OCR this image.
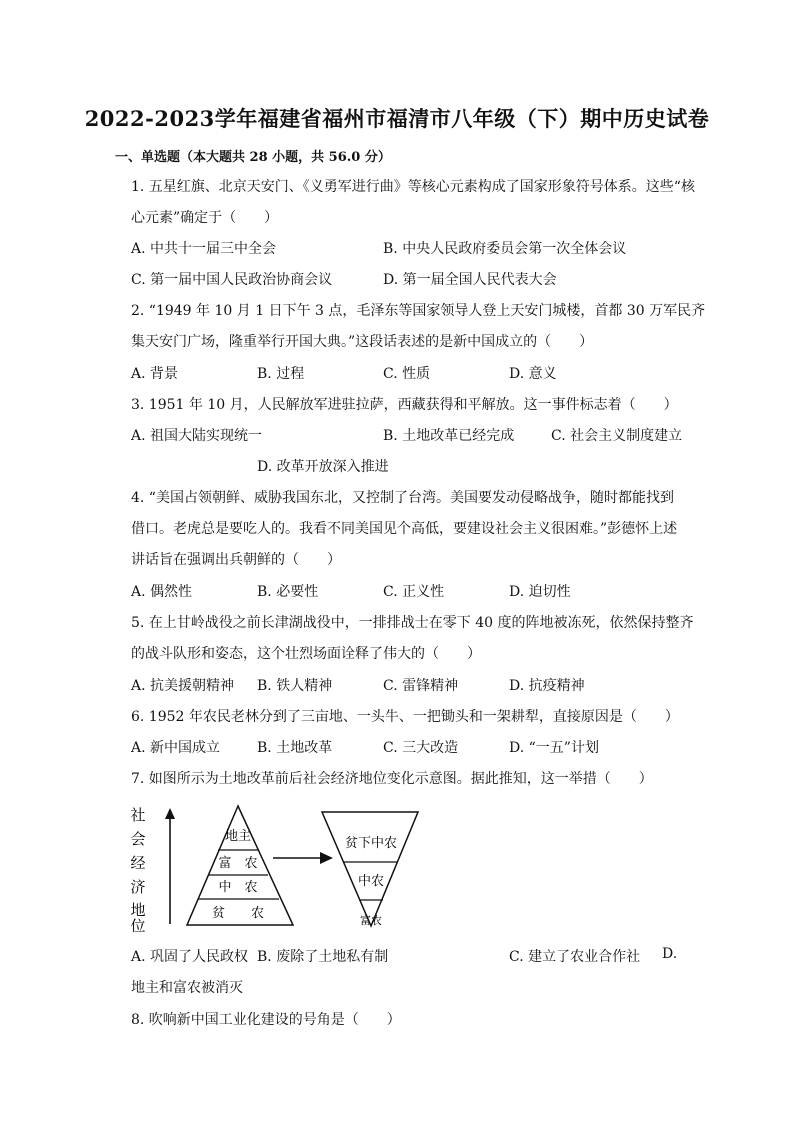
2022-2023学年福建省福州市福清市八年级（下）期中历史试卷
一、单选题（本大题共 28 小题，共 56.0 分）
1. 五星红旗、北京天安门、《义勇军进行曲》等核心元素构成了国家形象符号体系。这些“核
心元素”确定于（　　）
A. 中共十一届三中全会	B. 中央人民政府委员会第一次全体会议
C. 第一届中国人民政治协商会议	D. 第一届全国人民代表大会
2. “1949 年 10 月 1 日下午 3 点，毛泽东等国家领导人登上天安门城楼，首都 30 万军民齐
集天安门广场，隆重举行开国大典。”这段话表述的是新中国成立的（　　）
A. 背景	B. 过程	C. 性质	D. 意义
3. 1951 年 10 月，人民解放军进驻拉萨，西藏获得和平解放。这一事件标志着（　　）
A. 祖国大陆实现统一	B. 土地改革已经完成	C. 社会主义制度建立
D. 改革开放深入推进
4. “美国占领朝鲜、威胁我国东北，又控制了台湾。美国要发动侵略战争，随时都能找到
借口。老虎总是要吃人的。我看不同美国见个高低，要建设社会主义很困难。”彭德怀上述
讲话旨在强调出兵朝鲜的（　　）
A. 偶然性	B. 必要性	C. 正义性	D. 迫切性
5. 在上甘岭战役之前长津湖战役中，一排排战士在零下 40 度的阵地被冻死，依然保持整齐
的战斗队形和姿态，这个壮烈场面诠释了伟大的（　　）
A. 抗美援朝精神 B. 铁人精神	C. 雷锋精神	D. 抗疫精神
6. 1952 年农民老林分到了三亩地、一头牛、一把锄头和一架耕犁，直接原因是（　　）
A. 新中国成立	B. 土地改革	C. 三大改造	D. “一五”计划
7. 如图所示为土地改革前后社会经济地位变化示意图。据此推知，这一举措（　　）
社
会
经
济
地
位
地主
富　农
中　农
贫　　农
贫下中农
中农
富农
A. 巩固了人民政权 B. 废除了土地私有制	C. 建立了农业合作社 D.
地主和富农被消灭
8. 吹响新中国工业化建设的号角是（　　）
